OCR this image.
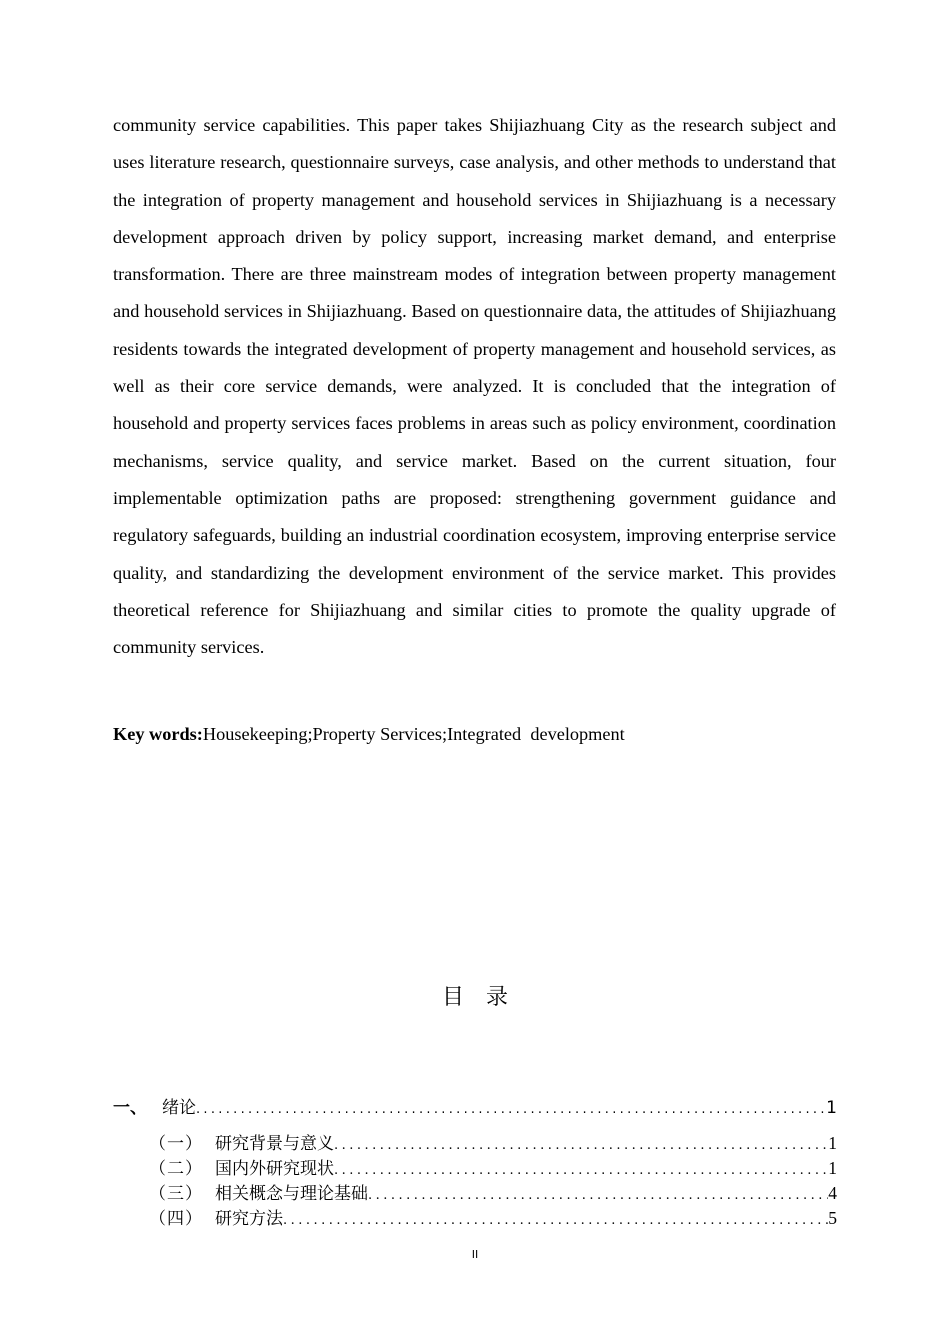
community service capabilities. This paper takes Shijiazhuang City as the research subject and uses literature research, questionnaire surveys, case analysis, and other methods to understand that the integration of property management and household services in Shijiazhuang is a necessary development approach driven by policy support, increasing market demand, and enterprise transformation. There are three mainstream modes of integration between property management and household services in Shijiazhuang. Based on questionnaire data, the attitudes of Shijiazhuang residents towards the integrated development of property management and household services, as well as their core service demands, were analyzed. It is concluded that the integration of household and property services faces problems in areas such as policy environment, coordination mechanisms, service quality, and service market. Based on the current situation, four implementable optimization paths are proposed: strengthening government guidance and regulatory safeguards, building an industrial coordination ecosystem, improving enterprise service quality, and standardizing the development environment of the service market. This provides theoretical reference for Shijiazhuang and similar cities to promote the quality upgrade of community services.

Key words:Housekeeping;Property Services;Integrated  development

目　录
一、 绪论 .....	1
（一） 研究背景与意义 .....	1
（二） 国内外研究现状 .....	1
（三） 相关概念与理论基础 .....	4
（四） 研究方法 .....	5
II
